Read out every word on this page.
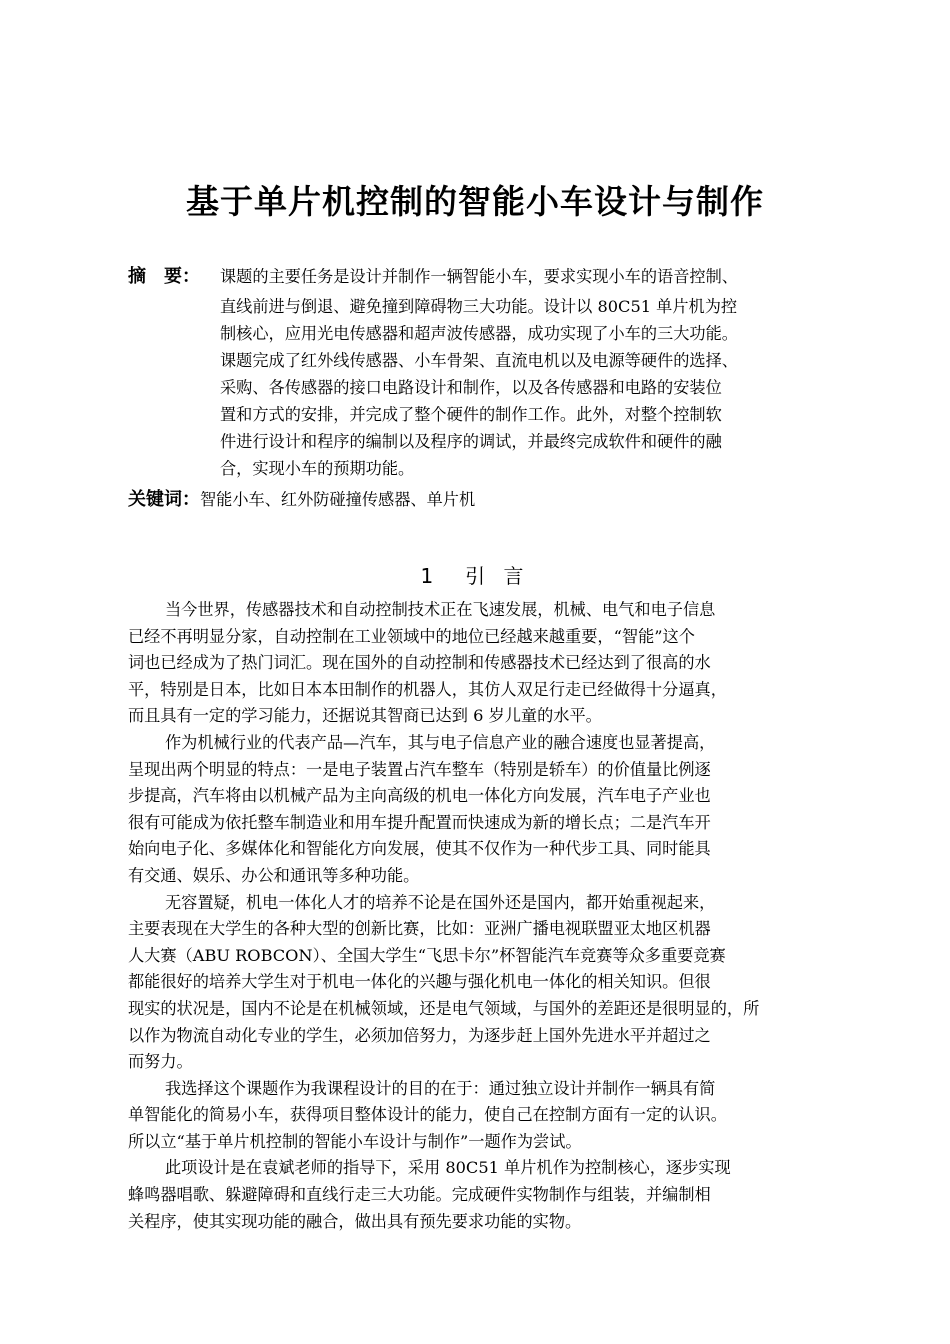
基于单片机控制的智能小车设计与制作
摘　要： 课题的主要任务是设计并制作一辆智能小车，要求实现小车的语音控制、
直线前进与倒退、避免撞到障碍物三大功能。设计以 80C51 单片机为控
制核心，应用光电传感器和超声波传感器，成功实现了小车的三大功能。
课题完成了红外线传感器、小车骨架、直流电机以及电源等硬件的选择、
采购、各传感器的接口电路设计和制作，以及各传感器和电路的安装位
置和方式的安排，并完成了整个硬件的制作工作。此外，对整个控制软
件进行设计和程序的编制以及程序的调试，并最终完成软件和硬件的融
合，实现小车的预期功能。
关键词：智能小车、红外防碰撞传感器、单片机
1　引 言

当今世界，传感器技术和自动控制技术正在飞速发展，机械、电气和电子信息
已经不再明显分家，自动控制在工业领域中的地位已经越来越重要，“智能”这个
词也已经成为了热门词汇。现在国外的自动控制和传感器技术已经达到了很高的水
平，特别是日本，比如日本本田制作的机器人，其仿人双足行走已经做得十分逼真，
而且具有一定的学习能力，还据说其智商已达到 6 岁儿童的水平。

作为机械行业的代表产品—汽车，其与电子信息产业的融合速度也显著提高，
呈现出两个明显的特点：一是电子装置占汽车整车（特别是轿车）的价值量比例逐
步提高，汽车将由以机械产品为主向高级的机电一体化方向发展，汽车电子产业也
很有可能成为依托整车制造业和用车提升配置而快速成为新的增长点；二是汽车开
始向电子化、多媒体化和智能化方向发展，使其不仅作为一种代步工具、同时能具
有交通、娱乐、办公和通讯等多种功能。

无容置疑，机电一体化人才的培养不论是在国外还是国内，都开始重视起来，
主要表现在大学生的各种大型的创新比赛，比如：亚洲广播电视联盟亚太地区机器
人大赛（ABU ROBCON）、全国大学生“飞思卡尔”杯智能汽车竞赛等众多重要竞赛
都能很好的培养大学生对于机电一体化的兴趣与强化机电一体化的相关知识。但很
现实的状况是，国内不论是在机械领域，还是电气领域，与国外的差距还是很明显的，所
以作为物流自动化专业的学生，必须加倍努力，为逐步赶上国外先进水平并超过之
而努力。

我选择这个课题作为我课程设计的目的在于：通过独立设计并制作一辆具有简
单智能化的简易小车，获得项目整体设计的能力，使自己在控制方面有一定的认识。
所以立“基于单片机控制的智能小车设计与制作”一题作为尝试。

此项设计是在袁斌老师的指导下，采用 80C51 单片机作为控制核心，逐步实现
蜂鸣器唱歌、躲避障碍和直线行走三大功能。完成硬件实物制作与组装，并编制相
关程序，使其实现功能的融合，做出具有预先要求功能的实物。
